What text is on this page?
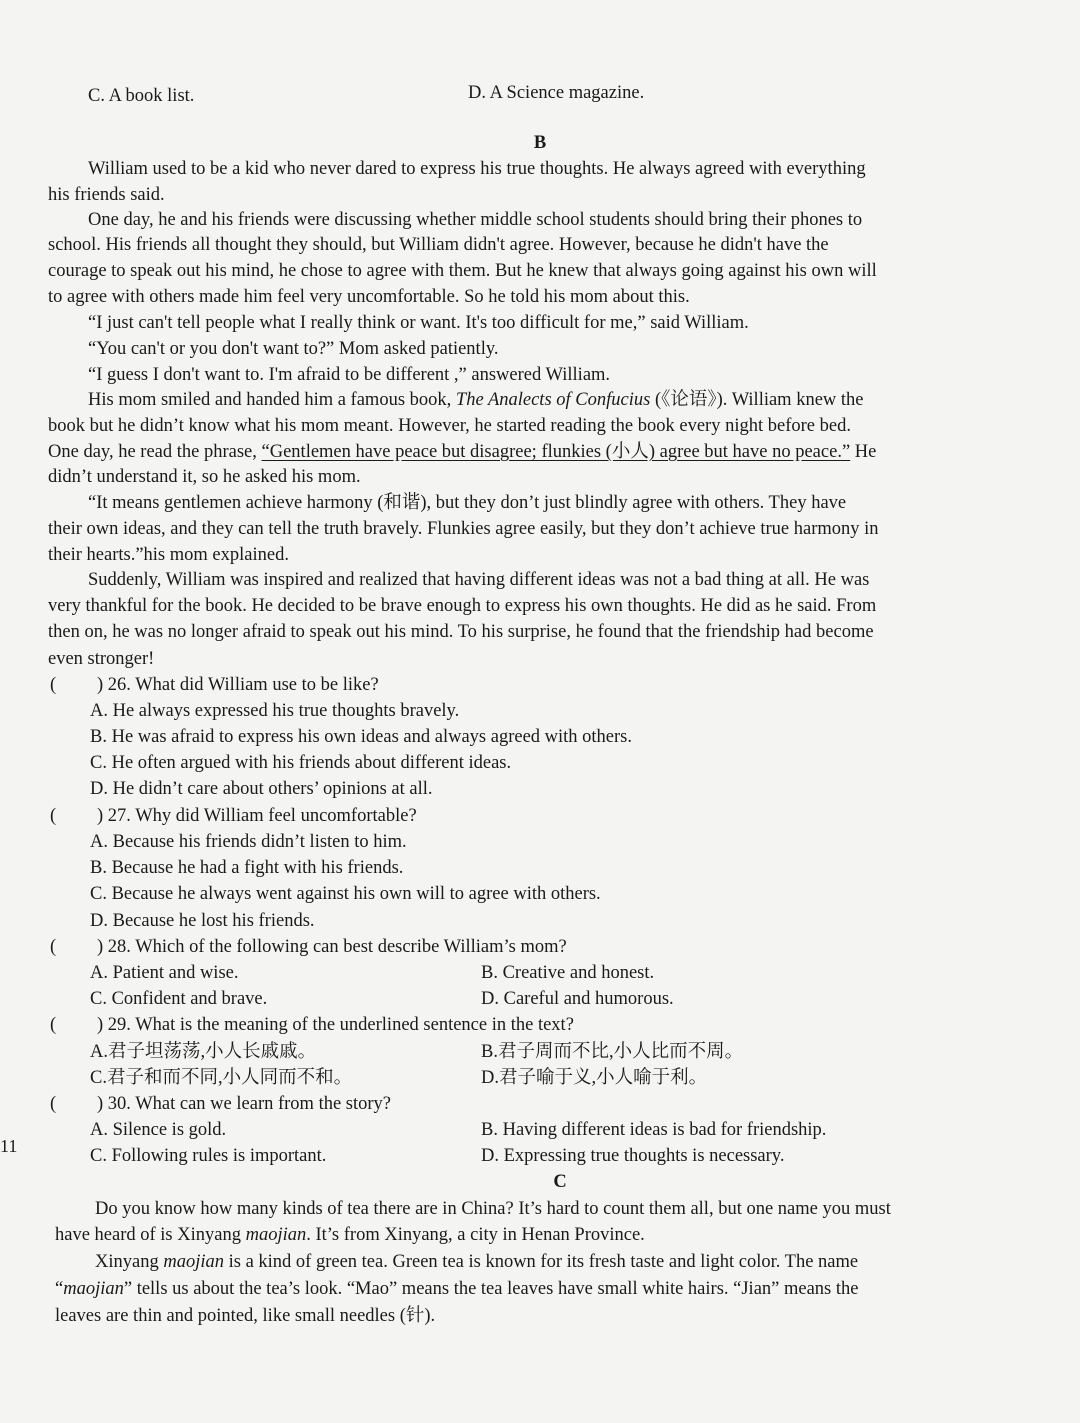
C. A book list.	D. A Science magazine.
B
William used to be a kid who never dared to express his true thoughts. He always agreed with everything
his friends said.
One day, he and his friends were discussing whether middle school students should bring their phones to
school. His friends all thought they should, but William didn't agree. However, because he didn't have the
courage to speak out his mind, he chose to agree with them. But he knew that always going against his own will
to agree with others made him feel very uncomfortable. So he told his mom about this.
“I just can't tell people what I really think or want. It's too difficult for me,” said William.
“You can't or you don't want to?” Mom asked patiently.
“I guess I don't want to. I'm afraid to be different ,” answered William.
His mom smiled and handed him a famous book, The Analects of Confucius (《论语》). William knew the
book but he didn’t know what his mom meant. However, he started reading the book every night before bed.
One day, he read the phrase, “Gentlemen have peace but disagree; flunkies (小人) agree but have no peace.” He
didn’t understand it, so he asked his mom.
“It means gentlemen achieve harmony (和谐), but they don’t just blindly agree with others. They have
their own ideas, and they can tell the truth bravely. Flunkies agree easily, but they don’t achieve true harmony in
their hearts.”his mom explained.
Suddenly, William was inspired and realized that having different ideas was not a bad thing at all. He was
very thankful for the book. He decided to be brave enough to express his own thoughts. He did as he said. From
then on, he was no longer afraid to speak out his mind. To his surprise, he found that the friendship had become
even stronger!
( ) 26. What did William use to be like?
A. He always expressed his true thoughts bravely.
B. He was afraid to express his own ideas and always agreed with others.
C. He often argued with his friends about different ideas.
D. He didn’t care about others’ opinions at all.
( ) 27. Why did William feel uncomfortable?
A. Because his friends didn’t listen to him.
B. Because he had a fight with his friends.
C. Because he always went against his own will to agree with others.
D. Because he lost his friends.
( ) 28. Which of the following can best describe William’s mom?
A. Patient and wise.	B. Creative and honest.
C. Confident and brave.	D. Careful and humorous.
( ) 29. What is the meaning of the underlined sentence in the text?
A.君子坦荡荡,小人长戚戚。	B.君子周而不比,小人比而不周。
C.君子和而不同,小人同而不和。	D.君子喻于义,小人喻于利。
( ) 30. What can we learn from the story?
A. Silence is gold.	B. Having different ideas is bad for friendship.
C. Following rules is important.	D. Expressing true thoughts is necessary.
11
C
Do you know how many kinds of tea there are in China? It’s hard to count them all, but one name you must
have heard of is Xinyang maojian. It’s from Xinyang, a city in Henan Province.
Xinyang maojian is a kind of green tea. Green tea is known for its fresh taste and light color. The name
“maojian” tells us about the tea’s look. “Mao” means the tea leaves have small white hairs. “Jian” means the
leaves are thin and pointed, like small needles (针).
